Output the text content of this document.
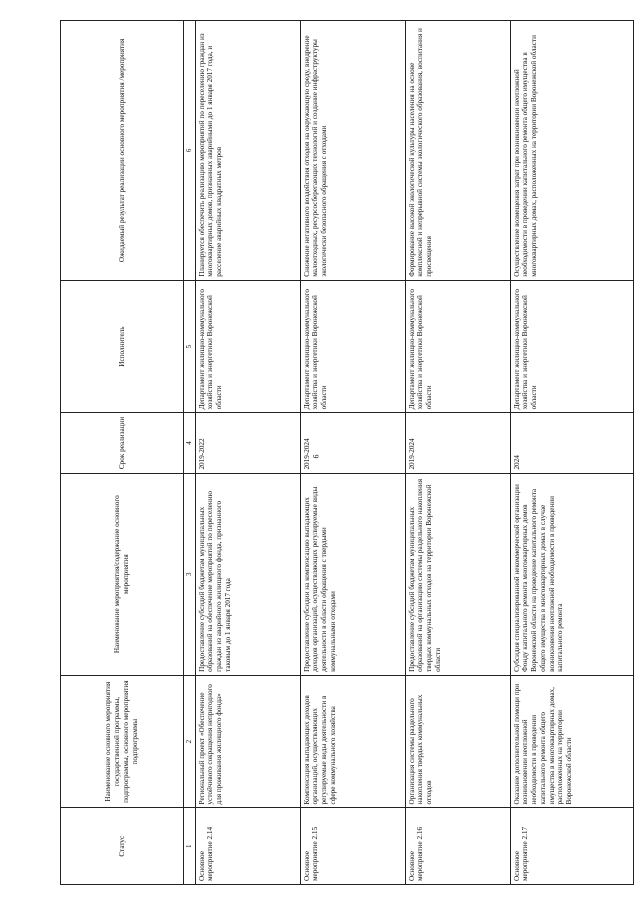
6
Статус	Наименование основного мероприятия государственной программы, подпрограммы, основного мероприятия подпрограммы	Наименование мероприятия/содержание основного мероприятия	Срок реализации	Исполнитель	Ожидаемый результат реализации основного мероприятия /мероприятия
1	2	3	4	5	6
Основное мероприятие 2.14	Региональный проект «Обеспечение устойчивого сокращения непригодного для проживания жилищного фонда»	Предоставление субсидий бюджетам муниципальных образований на обеспечение мероприятий по переселению граждан из аварийного жилищного фонда, признанного таковым до 1 января 2017 года	2019-2022	Департамент жилищно-коммунального хозяйства и энергетики Воронежской области	Планируется обеспечить реализацию мероприятий по переселению граждан из многоквартирных домов, признанных аварийными до 1 января 2017 года, и расселение аварийных квадратных метров
Основное мероприятие 2.15	Компенсация выпадающих доходов организаций, осуществляющих регулируемые виды деятельности в сфере коммунального хозяйства	Предоставление субсидии на компенсацию выпадающих доходов организаций, осуществляющих регулируемые виды деятельности в области обращения с твердыми коммунальными отходами	2019-2024	Департамент жилищно-коммунального хозяйства и энергетики Воронежской области	Снижение негативного воздействия отходов на окружающую среду, внедрение малоотходных, ресурсосберегающих технологий и создание инфраструктуры экологически безопасного обращения с отходами
Основное мероприятие 2.16	Организация системы раздельного накопления твердых коммунальных отходов	Предоставление субсидий бюджетам муниципальных образований на организацию системы раздельного накопления твердых коммунальных отходов на территории Воронежской области	2019-2024	Департамент жилищно-коммунального хозяйства и энергетики Воронежской области	Формирование высокой экологической культуры населения на основе комплексной и непрерывной системы экологического образования, воспитания и просвещения
Основное мероприятие 2.17	Оказание дополнительной помощи при возникновении неотложной необходимости в проведении капитального ремонта общего имущества в многоквартирных домах, расположенных на территории Воронежской области	Субсидия специализированной некоммерческой организации Фонду капитального ремонта многоквартирных домов Воронежской области на проведение капитального ремонта общего имущества в многоквартирных домах в случае возникновения неотложной необходимости в проведении капитального ремонта	2024	Департамент жилищно-коммунального хозяйства и энергетики Воронежской области	Осуществление возмещения затрат при возникновении неотложной необходимости в проведении капитального ремонта общего имущества в многоквартирных домах, расположенных на территории Воронежской области
